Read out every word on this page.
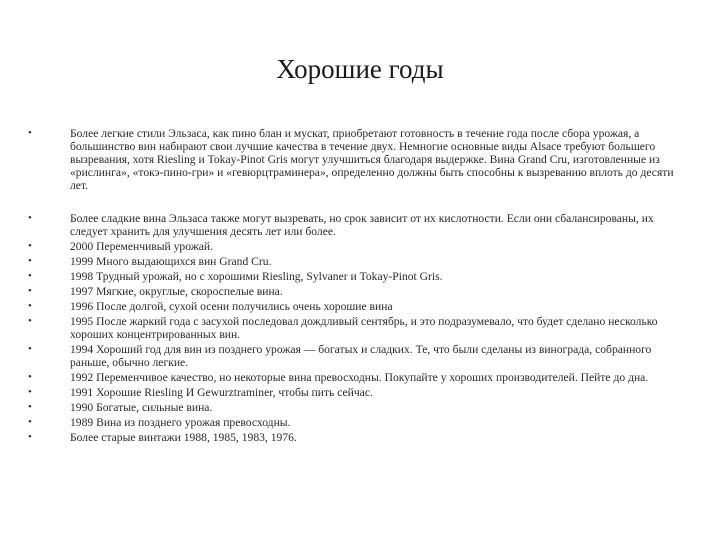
Хорошие годы
•	Более легкие стили Эльзаса, как пино блан и мускат, приобретают готовность в течение года после сбора урожая, а большинство вин набирают свои лучшие качества в течение двух. Немногие основные виды Alsace требуют большего вызревания, хотя Riesling и Tokay-Pinot Gris могут улучшиться благодаря выдержке. Вина Grand Cru, изготовленные из «рислинга», «токэ-пино-гри» и «гевюрцтраминера», определенно должны быть способны к вызреванию вплоть до десяти лет.
•	Более сладкие вина Эльзаса также могут вызревать, но срок зависит от их кислотности. Если они сбалансированы, их следует хранить для улучшения десять лет или более.
•	2000 Переменчивый урожай.
•	1999 Много выдающихся вин Grand Cru.
•	1998 Трудный урожай, но с хорошими Riesling, Sylvaner и Tokay-Pinot Gris.
•	1997 Мягкие, округлые, скороспелые вина.
•	1996 После долгой, сухой осени получились очень хорошие вина
•	1995 После жаркий года с засухой последовал дождливый сентябрь, и это подразумевало, что будет сделано несколько хороших концентрированных вин.
•	1994 Хороший год для вин из позднего урожая — богатых и сладких. Те, что были сделаны из винограда, собранного раньше, обычно легкие.
•	1992 Переменчивое качество, но некоторые вина превосходны. Покупайте у хороших производителей. Пейте до дна.
•	1991 Хорошие Riesling И Gewurztraminer, чтобы пить сейчас.
•	1990 Богатые, сильные вина.
•	1989 Вина из позднего урожая превосходны.
•	Более старые винтажи 1988, 1985, 1983, 1976.
